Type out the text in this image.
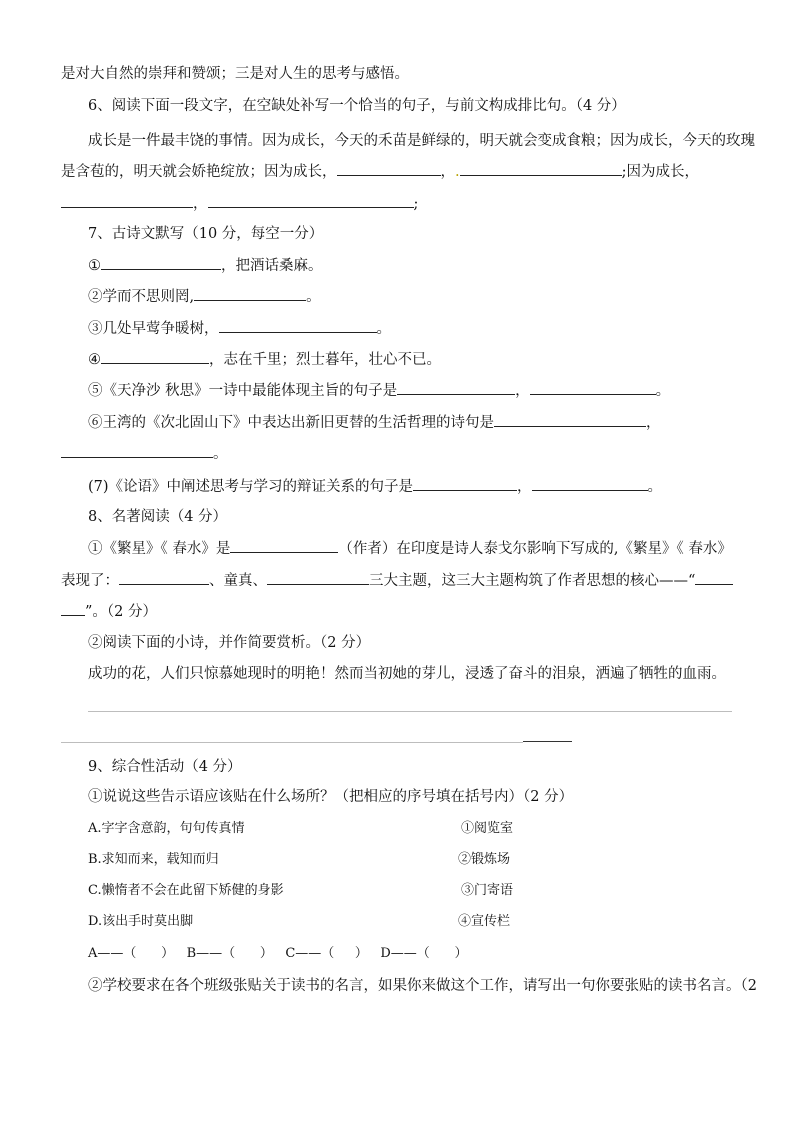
是对大自然的崇拜和赞颂；三是对人生的思考与感悟。
6、阅读下面一段文字，在空缺处补写一个恰当的句子，与前文构成排比句。（4 分）
成长是一件最丰饶的事情。因为成长，今天的禾苗是鲜绿的，明天就会变成食粮；因为成长，今天的玫瑰
是含苞的，明天就会娇艳绽放；因为成长，	，.	;因为成长，
，	;
7、古诗文默写（10 分，每空一分）
①	，把酒话桑麻。
②学而不思则罔,	。
③几处早莺争暖树，	。
④	，志在千里；烈士暮年，壮心不已。
⑤《天净沙 秋思》一诗中最能体现主旨的句子是	，	。
⑥王湾的《次北固山下》中表达出新旧更替的生活哲理的诗句是	，
。
(7)《论语》中阐述思考与学习的辩证关系的句子是	，	。
8、名著阅读（4 分）
①《繁星》《 春水》是	（作者）在印度是诗人泰戈尔影响下写成的,《繁星》《 春水》
表现了：	、童真、	三大主题，这三大主题构筑了作者思想的核心——“
”。（2 分）
②阅读下面的小诗，并作简要赏析。（2 分）
成功的花，人们只惊慕她现时的明艳！然而当初她的芽儿，浸透了奋斗的泪泉，洒遍了牺牲的血雨。
9、综合性活动（4 分）
①说说这些告示语应该贴在什么场所？（把相应的序号填在括号内）（2 分）
A.字字含意韵，句句传真情	①阅览室
B.求知而来，载知而归	②锻炼场
C.懒惰者不会在此留下矫健的身影	③门寄语
D.该出手时莫出脚	④宣传栏
A——（      ）   B——（      ）   C——（     ）   D——（      ）
②学校要求在各个班级张贴关于读书的名言，如果你来做这个工作，请写出一句你要张贴的读书名言。（2
